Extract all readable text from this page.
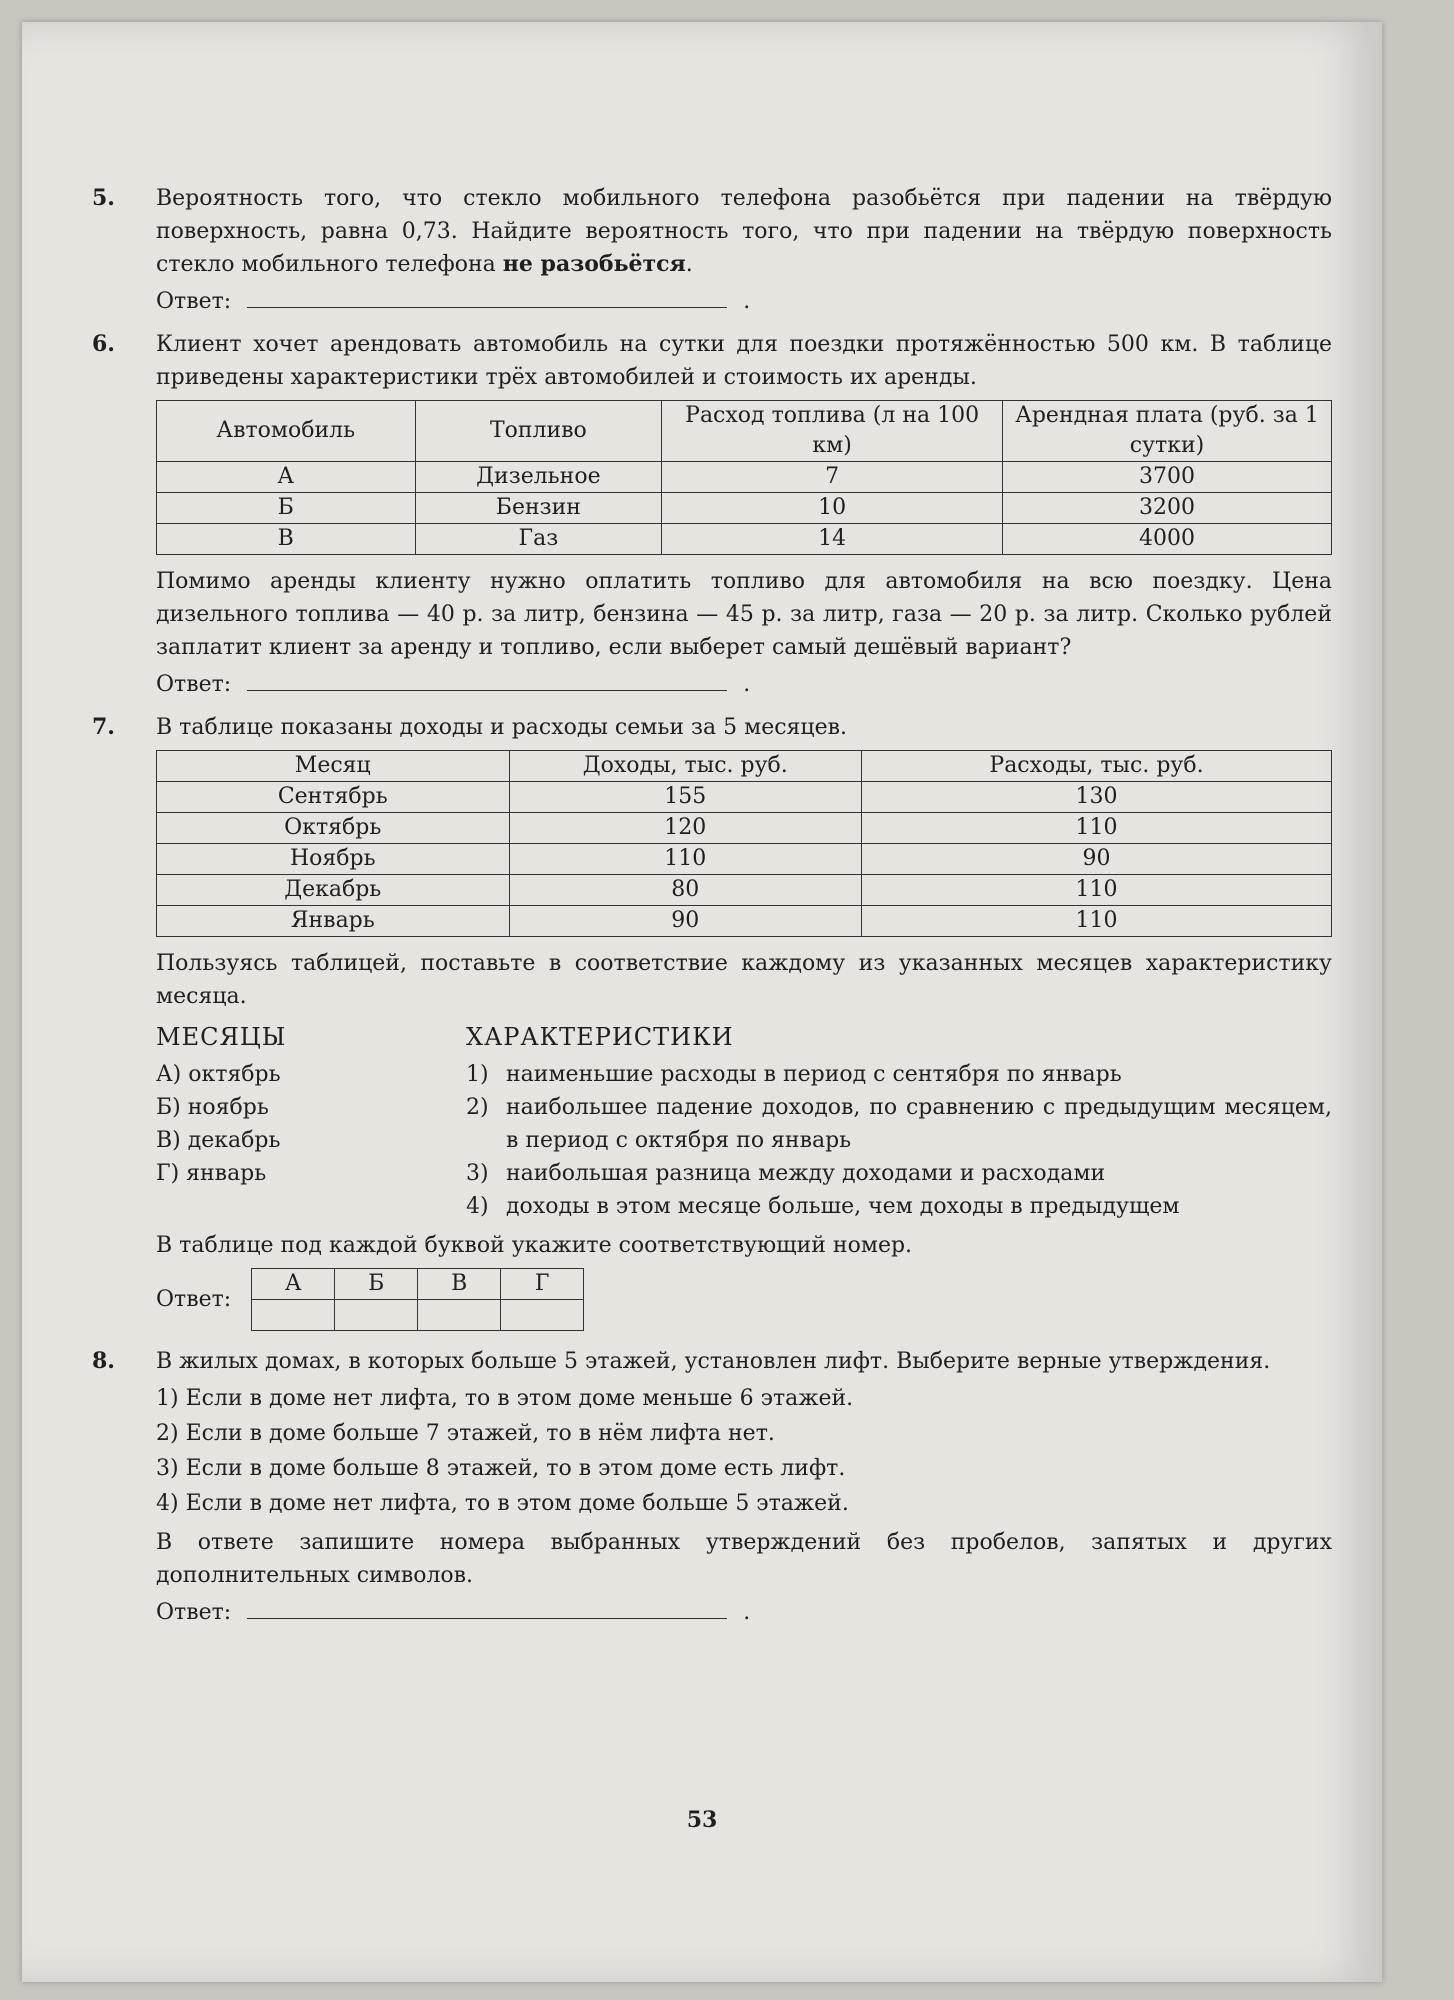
5. Вероятность того, что стекло мобильного телефона разобьётся при падении на твёрдую поверхность, равна 0,73. Найдите вероятность того, что при падении на твёрдую поверхность стекло мобильного телефона не разобьётся.
Ответ:	.
6. Клиент хочет арендовать автомобиль на сутки для поездки протяжённостью 500 км. В таблице приведены характеристики трёх автомобилей и стоимость их аренды.
Автомобиль	Топливо	Расход топлива (л на 100 км)	Арендная плата (руб. за 1 сутки)
А	Дизельное	7	3700
Б	Бензин	10	3200
В	Газ	14	4000
Помимо аренды клиенту нужно оплатить топливо для автомобиля на всю поездку. Цена дизельного топлива — 40 р. за литр, бензина — 45 р. за литр, газа — 20 р. за литр. Сколько рублей заплатит клиент за аренду и топливо, если выберет самый дешёвый вариант?
Ответ:	.
7. В таблице показаны доходы и расходы семьи за 5 месяцев.
Месяц	Доходы, тыс. руб.	Расходы, тыс. руб.
Сентябрь	155	130
Октябрь	120	110
Ноябрь	110	90
Декабрь	80	110
Январь	90	110
Пользуясь таблицей, поставьте в соответствие каждому из указанных месяцев характеристику месяца.
МЕСЯЦЫ
А) октябрь
Б) ноябрь
В) декабрь
Г) январь
ХАРАКТЕРИСТИКИ
1) наименьшие расходы в период с сентября по январь
2) наибольшее падение доходов, по сравнению с предыдущим месяцем, в период с октября по январь
3) наибольшая разница между доходами и расходами
4) доходы в этом месяце больше, чем доходы в предыдущем
В таблице под каждой буквой укажите соответствующий номер.
Ответ:
А	Б	В	Г

8. В жилых домах, в которых больше 5 этажей, установлен лифт. Выберите верные утверждения.
1) Если в доме нет лифта, то в этом доме меньше 6 этажей.
2) Если в доме больше 7 этажей, то в нём лифта нет.
3) Если в доме больше 8 этажей, то в этом доме есть лифт.
4) Если в доме нет лифта, то в этом доме больше 5 этажей.
В ответе запишите номера выбранных утверждений без пробелов, запятых и других дополнительных символов.
Ответ:	.
53
